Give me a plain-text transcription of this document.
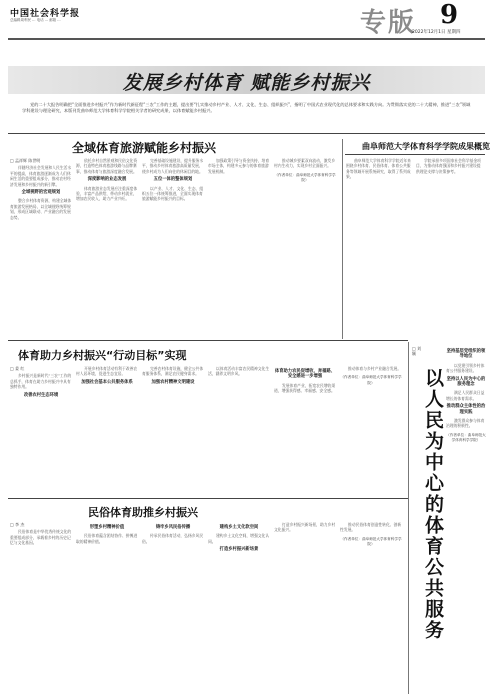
中国社会科学报
总编辑周利民 ... 电话 ... 邮箱 ...	专版 9
2022年12月1日 星期四
发展乡村体育 赋能乡村振兴
党的二十大报告明确把“全面推进乡村振兴”作为新时代新征程“三农”工作的主题，提出要“扎实推动乡村产业、人才、文化、生态、组织振兴”，指明了中国式农业现代化的总体要求和实践方向。为贯彻落实党的二十大精神，推进“三农”领域学科建设与理论研究，本版刊发曲阜师范大学体育科学学院相关学者的研究成果，以体育赋能乡村振兴。
全域体育旅游赋能乡村振兴	曲阜师范大学体育科学学院成果概览
□ 孟祥辉 陈世明

伴随经济社会发展和人民生活水平的提高，体育旅游逐渐成为人们休闲生活的重要组成部分，推动农村经济发展和乡村振兴的新引擎。

全域视野的宏观规划

整合乡村体育资源，构建全域体育旅游发展格局，以全域视野统筹规划，形成区域联动、产业融合的发展态势。

依托乡村自然景观和民俗文化资源，打造特色体育旅游线路与品牌赛事，推动体育与旅游深度融合发展。

深度影响的业态发展

体育旅游业态发展应注重深度体验，丰富产品供给，带动乡村就业，增加农民收入，助力产业兴旺。

完善基础设施建设，提升服务水平，推动乡村体育旅游高质量发展，使乡村成为人们向往的休闲目的地。

五位一体的整体规划

以产业、人才、文化、生态、组织五位一体统筹推进，全面实现体育旅游赋能乡村振兴的目标。

加强政策引导与资金扶持，培育市场主体，构建多元参与的体育旅游发展机制。

推动城乡要素双向流动，激发乡村内生动力，实现乡村全面振兴。

（作者单位：曲阜师范大学体育科学学院）

曲阜师范大学体育科学学院近年来围绕乡村体育、民俗体育、体育公共服务等领域开展系统研究，取得了系列成果。

学院承担多项国家社会科学基金项目，为推动体育强国和乡村振兴建设提供理论支撑与决策参考。

体育助力乡村振兴“行动目标”实现
□ 姜 红

乡村振兴是新时代“三农”工作的总抓手，体育在助力乡村振兴中具有独特作用。

改善农村生态环境

开展乡村体育活动有利于改善农村人居环境，促进生态宜居。

加强社会基本公共服务体系

完善农村体育设施，健全公共体育服务体系，满足农民健身需求。

加强农村精神文明建设

以体育活动丰富农民精神文化生活，涵养文明乡风。	体育助力农民促增收、奔福路、安全感进一步增强

发展体育产业，拓宽农民增收渠道，增强获得感、幸福感、安全感。

推动体育与乡村产业融合发展。

（作者单位：曲阜师范大学体育科学学院）
民俗体育助推乡村振兴
□ 李 杰

民俗体育是中华优秀传统文化的重要组成部分，承载着乡村的历史记忆与文化基因。

形塑乡村精神价值

民俗体育蕴含团结协作、拼搏进取的精神价值。

铸牢乡风民俗传播

传承民俗体育活动，弘扬乡风民俗。

建构乡土文化软空间

建构乡土文化空间，增强文化认同。

打造乡村振兴新场景

打造乡村振兴新场景，助力乡村文化振兴。

推动民俗体育创造性转化、创新性发展。

（作者单位：曲阜师范大学体育科学学院）	以人民为中心的体育公共服务
□ 刘 颖	坚持基层党组织的领导地位

以党建引领乡村体育公共服务建设。

坚持以人民为中心的服务理念

满足人民群众日益增长的体育需求。

推动群众主体性的治理实践

激发群众参与体育治理的积极性。

（作者单位：曲阜师范大学体育科学学院）
